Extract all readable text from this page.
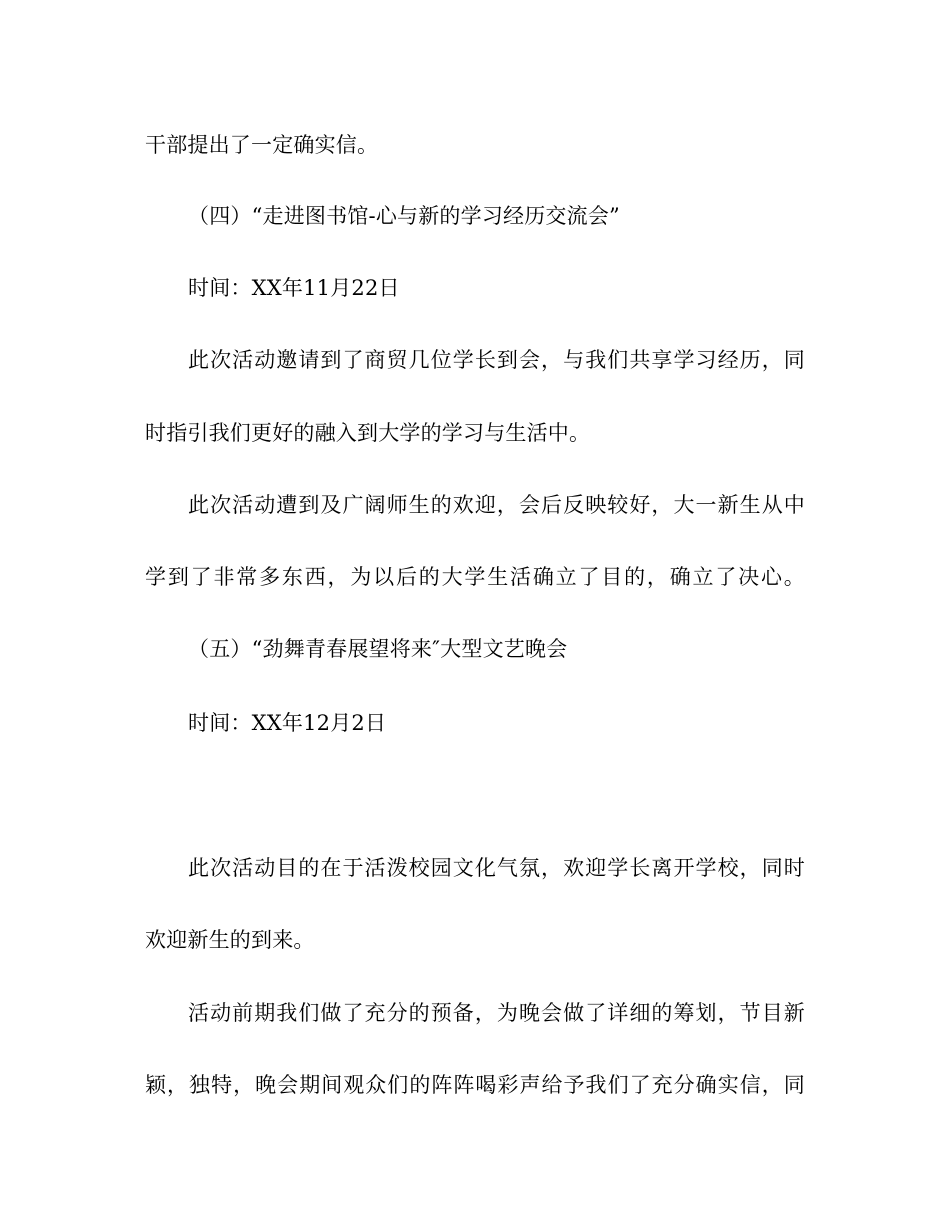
干部提出了一定确实信。
（四）“走进图书馆-心与新的学习经历交流会”
时间：XX年11月22日
此次活动邀请到了商贸几位学长到会，与我们共享学习经历，同
时指引我们更好的融入到大学的学习与生活中。
此次活动遭到及广阔师生的欢迎，会后反映较好，大一新生从中
学到了非常多东西，为以后的大学生活确立了目的，确立了决心。
（五）“劲舞青春展望将来″大型文艺晚会
时间：XX年12月2日
此次活动目的在于活泼校园文化气氛，欢迎学长离开学校，同时
欢迎新生的到来。
活动前期我们做了充分的预备，为晚会做了详细的筹划，节目新
颖，独特，晚会期间观众们的阵阵喝彩声给予我们了充分确实信，同
